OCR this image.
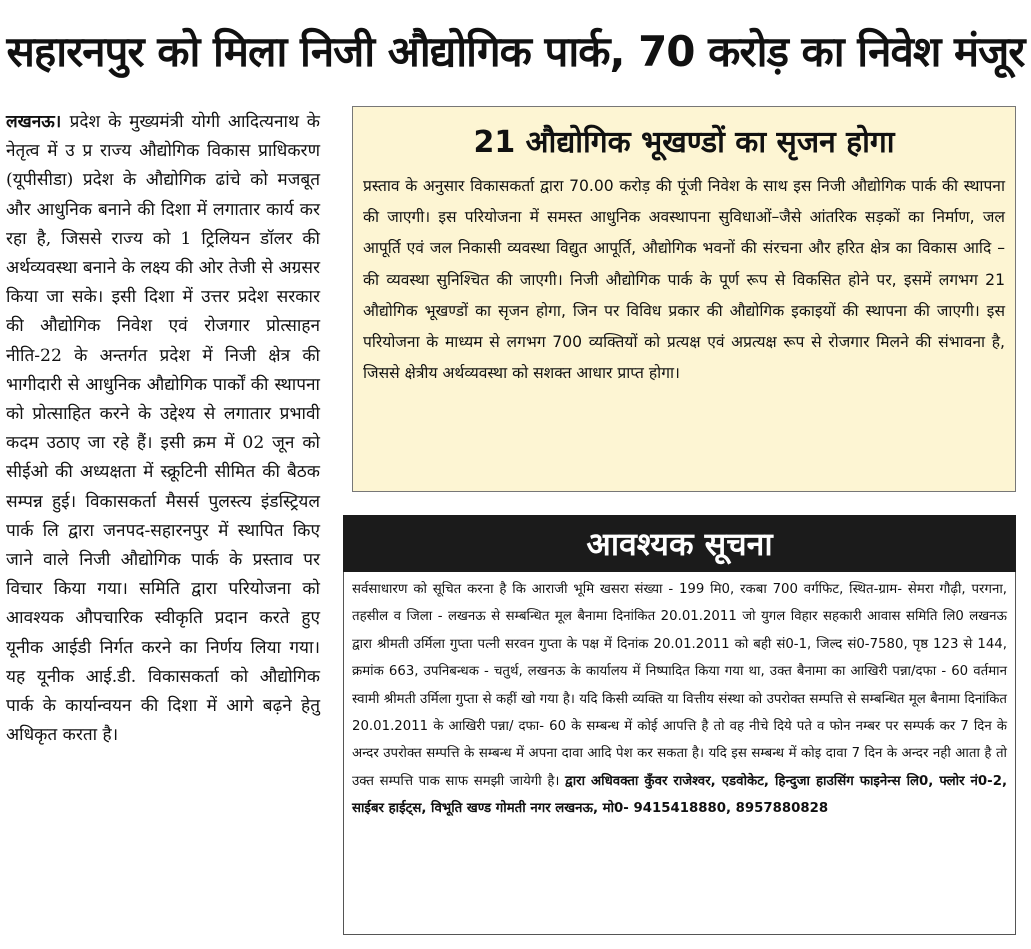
सहारनपुर को मिला निजी औद्योगिक पार्क, 70 करोड़ का निवेश मंजूर
लखनऊ। प्रदेश के मुख्यमंत्री योगी आदित्यनाथ के नेतृत्व में उ प्र राज्य औद्योगिक विकास प्राधिकरण (यूपीसीडा) प्रदेश के औद्योगिक ढांचे को मजबूत और आधुनिक बनाने की दिशा में लगातार कार्य कर रहा है, जिससे राज्य को 1 ट्रिलियन डॉलर की अर्थव्यवस्था बनाने के लक्ष्य की ओर तेजी से अग्रसर किया जा सके। इसी दिशा में उत्तर प्रदेश सरकार की औद्योगिक निवेश एवं रोजगार प्रोत्साहन नीति-22 के अन्तर्गत प्रदेश में निजी क्षेत्र की भागीदारी से आधुनिक औद्योगिक पार्कों की स्थापना को प्रोत्साहित करने के उद्देश्य से लगातार प्रभावी कदम उठाए जा रहे हैं। इसी क्रम में 02 जून को सीईओ की अध्यक्षता में स्क्रूटिनी सीमित की बैठक सम्पन्न हुई। विकासकर्ता मैसर्स पुलस्त्य इंडस्ट्रियल पार्क लि द्वारा जनपद-सहारनपुर में स्थापित किए जाने वाले निजी औद्योगिक पार्क के प्रस्ताव पर विचार किया गया। समिति द्वारा परियोजना को आवश्यक औपचारिक स्वीकृति प्रदान करते हुए यूनीक आईडी निर्गत करने का निर्णय लिया गया। यह यूनीक आई.डी. विकासकर्ता को औद्योगिक पार्क के कार्यान्वयन की दिशा में आगे बढ़ने हेतु अधिकृत करता है।
21 औद्योगिक भूखण्डों का सृजन होगा
प्रस्ताव के अनुसार विकासकर्ता द्वारा 70.00 करोड़ की पूंजी निवेश के साथ इस निजी औद्योगिक पार्क की स्थापना की जाएगी। इस परियोजना में समस्त आधुनिक अवस्थापना सुविधाओं–जैसे आंतरिक सड़कों का निर्माण, जल आपूर्ति एवं जल निकासी व्यवस्था विद्युत आपूर्ति, औद्योगिक भवनों की संरचना और हरित क्षेत्र का विकास आदि – की व्यवस्था सुनिश्चित की जाएगी। निजी औद्योगिक पार्क के पूर्ण रूप से विकसित होने पर, इसमें लगभग 21 औद्योगिक भूखण्डों का सृजन होगा, जिन पर विविध प्रकार की औद्योगिक इकाइयों की स्थापना की जाएगी। इस परियोजना के माध्यम से लगभग 700 व्यक्तियों को प्रत्यक्ष एवं अप्रत्यक्ष रूप से रोजगार मिलने की संभावना है, जिससे क्षेत्रीय अर्थव्यवस्था को सशक्त आधार प्राप्त होगा।
आवश्यक सूचना
सर्वसाधारण को सूचित करना है कि आराजी भूमि खसरा संख्या - 199 मि0, रकबा 700 वर्गफिट, स्थित-ग्राम- सेमरा गौढ़ी, परगना, तहसील व जिला - लखनऊ से सम्बन्धित मूल बैनामा दिनांकित 20.01.2011 जो युगल विहार सहकारी आवास समिति लि0 लखनऊ द्वारा श्रीमती उर्मिला गुप्ता पत्नी सरवन गुप्ता के पक्ष में दिनांक 20.01.2011 को बही सं0-1, जिल्द सं0-7580, पृष्ठ 123 से 144, क्रमांक 663, उपनिबन्धक - चतुर्थ, लखनऊ के कार्यालय में निष्पादित किया गया था, उक्त बैनामा का आखिरी पन्ना/दफा - 60 वर्तमान स्वामी श्रीमती उर्मिला गुप्ता से कहीं खो गया है। यदि किसी व्यक्ति या वित्तीय संस्था को उपरोक्त सम्पत्ति से सम्बन्धित मूल बैनामा दिनांकित 20.01.2011 के आखिरी पन्ना/ दफा- 60 के सम्बन्ध में कोई आपत्ति है तो वह नीचे दिये पते व फोन नम्बर पर सम्पर्क कर 7 दिन के अन्दर उपरोक्त सम्पत्ति के सम्बन्ध में अपना दावा आदि पेश कर सकता है। यदि इस सम्बन्ध में कोइ दावा 7 दिन के अन्दर नही आता है तो उक्त सम्पत्ति पाक साफ समझी जायेगी है। द्वारा अधिवक्ता कुँवर राजेश्वर, एडवोकेट, हिन्दुजा हाउसिंग फाइनेन्स लि0, फ्लोर नं0-2, साईबर हाईट्स, विभूति खण्ड गोमती नगर लखनऊ, मो0- 9415418880, 8957880828
